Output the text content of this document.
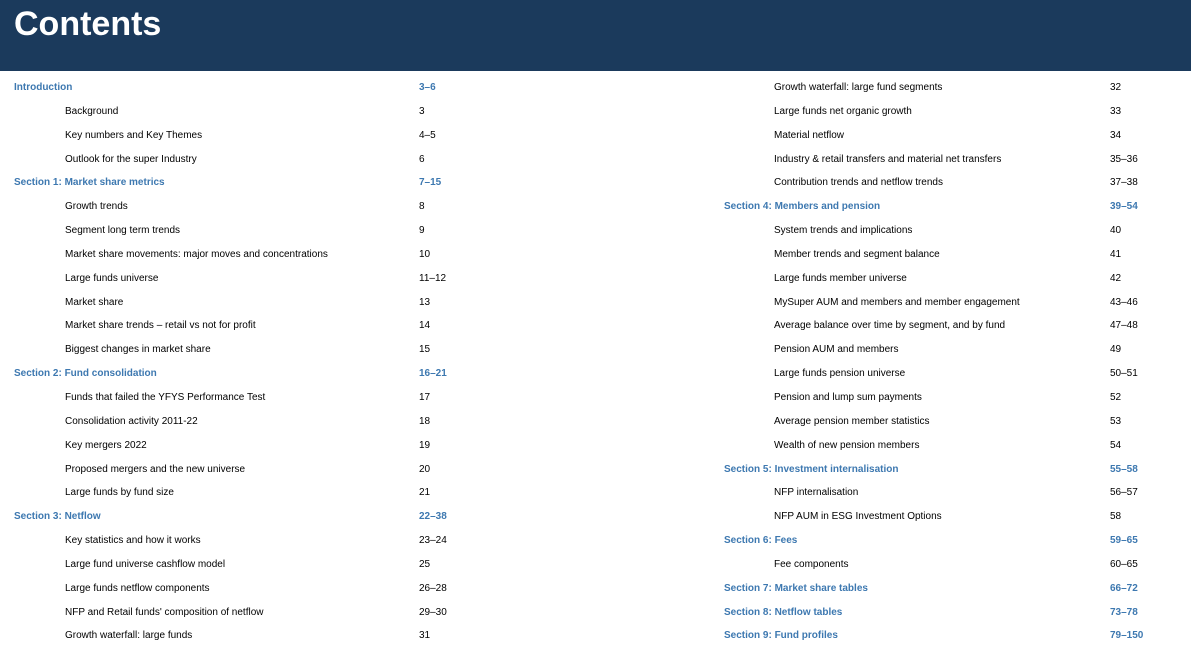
Contents
Introduction	3–6
Background	3
Key numbers and Key Themes	4–5
Outlook for the super Industry	6
Section 1: Market share metrics	7–15
Growth trends	8
Segment long term trends	9
Market share movements: major moves and concentrations	10
Large funds universe	11–12
Market share	13
Market share trends – retail vs not for profit	14
Biggest changes in market share	15
Section 2: Fund consolidation	16–21
Funds that failed the YFYS Performance Test	17
Consolidation activity 2011-22	18
Key mergers 2022	19
Proposed mergers and the new universe	20
Large funds by fund size	21
Section 3: Netflow	22–38
Key statistics and how it works	23–24
Large fund universe cashflow model	25
Large funds netflow components	26–28
NFP and Retail funds' composition of netflow	29–30
Growth waterfall: large funds	31
Growth waterfall: large fund segments	32
Large funds net organic growth	33
Material netflow	34
Industry & retail transfers and material net transfers	35–36
Contribution trends and netflow trends	37–38
Section 4: Members and pension	39–54
System trends and implications	40
Member trends and segment balance	41
Large funds member universe	42
MySuper AUM and members and member engagement	43–46
Average balance over time by segment, and by fund	47–48
Pension AUM and members	49
Large funds pension universe	50–51
Pension and lump sum payments	52
Average pension member statistics	53
Wealth of new pension members	54
Section 5: Investment internalisation	55–58
NFP internalisation	56–57
NFP AUM in ESG Investment Options	58
Section 6: Fees	59–65
Fee components	60–65
Section 7: Market share tables	66–72
Section 8: Netflow tables	73–78
Section 9: Fund profiles	79–150
